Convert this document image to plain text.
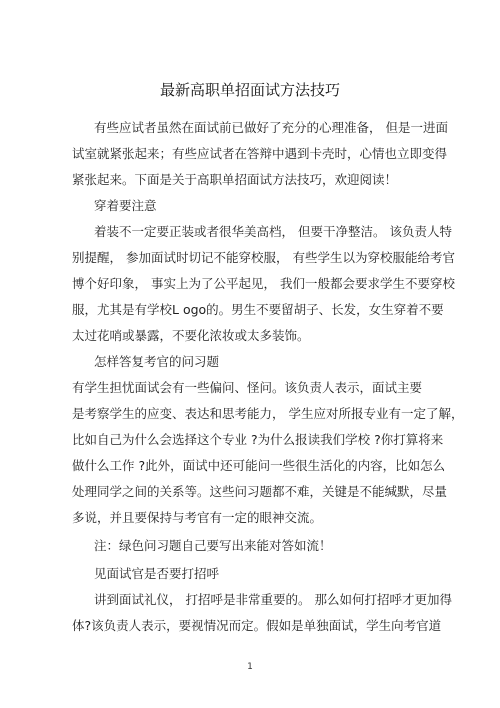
最新高职单招面试方法技巧
有些应试者虽然在面试前已做好了充分的心理准备， 但是一进面
试室就紧张起来；有些应试者在答辩中遇到卡壳时，心情也立即变得
紧张起来。下面是关于高职单招面试方法技巧，欢迎阅读！
穿着要注意
着装不一定要正装或者很华美高档， 但要干净整洁。 该负责人特
别提醒， 参加面试时切记不能穿校服， 有些学生以为穿校服能给考官
博个好印象， 事实上为了公平起见， 我们一般都会要求学生不要穿校
服，尤其是有学校L ogo的。男生不要留胡子、长发，女生穿着不要
太过花哨或暴露，不要化浓妆或太多装饰。
怎样答复考官的问习题
有学生担忧面试会有一些偏问、怪问。该负责人表示，面试主要
是考察学生的应变、表达和思考能力， 学生应对所报专业有一定了解，
比如自己为什么会选择这个专业 ?为什么报读我们学校 ?你打算将来
做什么工作 ?此外，面试中还可能问一些很生活化的内容，比如怎么
处理同学之间的关系等。这些问习题都不难，关键是不能缄默，尽量
多说，并且要保持与考官有一定的眼神交流。
注：绿色问习题自己要写出来能对答如流！
见面试官是否要打招呼
讲到面试礼仪， 打招呼是非常重要的。 那么如何打招呼才更加得
体?该负责人表示，要视情况而定。假如是单独面试，学生向考官道
1
